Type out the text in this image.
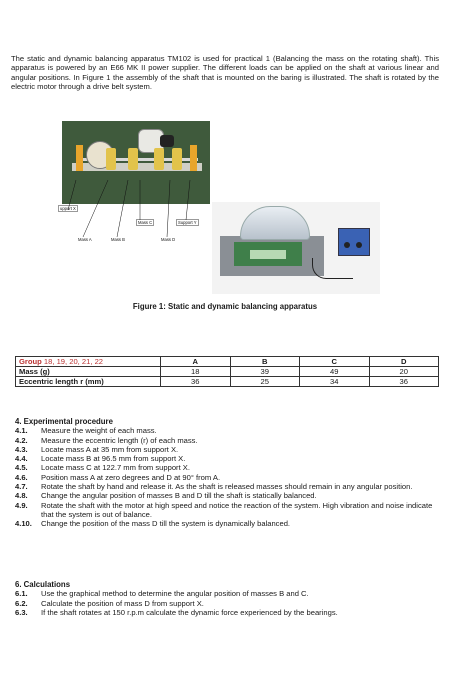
The static and dynamic balancing apparatus TM102 is used for practical 1 (Balancing the mass on the rotating shaft). This apparatus is powered by an E66 MK II power supplier. The different loads can be applied on the shaft at various linear and angular positions. In Figure 1 the assembly of the shaft that is mounted on the baring is illustrated. The shaft is rotated by the electric motor through a drive belt system.

upport X
Mass C	Support Y
Mass A	Mass B	Mass D
Figure 1: Static and dynamic balancing apparatus
Group 18, 19, 20, 21, 22	A	B	C	D
Mass (g)	18	39	49	20
Eccentric length r (mm)	36	25	34	36
4. Experimental procedure
4.1.	Measure the weight of each mass.
4.2.	Measure the eccentric length (r) of each mass.
4.3.	Locate mass A at 35 mm from support X.
4.4.	Locate mass B at 96.5 mm from support X.
4.5.	Locate mass C at 122.7 mm from support X.
4.6.	Position mass A at zero degrees and D at 90° from A.
4.7.	Rotate the shaft by hand and release it. As the shaft is released masses should remain in any angular position.
4.8.	Change the angular position of masses B and D till the shaft is statically balanced.
4.9.	Rotate the shaft with the motor at high speed and notice the reaction of the system. High vibration and noise indicate that the system is out of balance.
4.10.	Change the position of the mass D till the system is dynamically balanced.
6. Calculations
6.1.	Use the graphical method to determine the angular position of masses B and C.
6.2.	Calculate the position of mass D from support X.
6.3.	If the shaft rotates at 150 r.p.m calculate the dynamic force experienced by the bearings.
